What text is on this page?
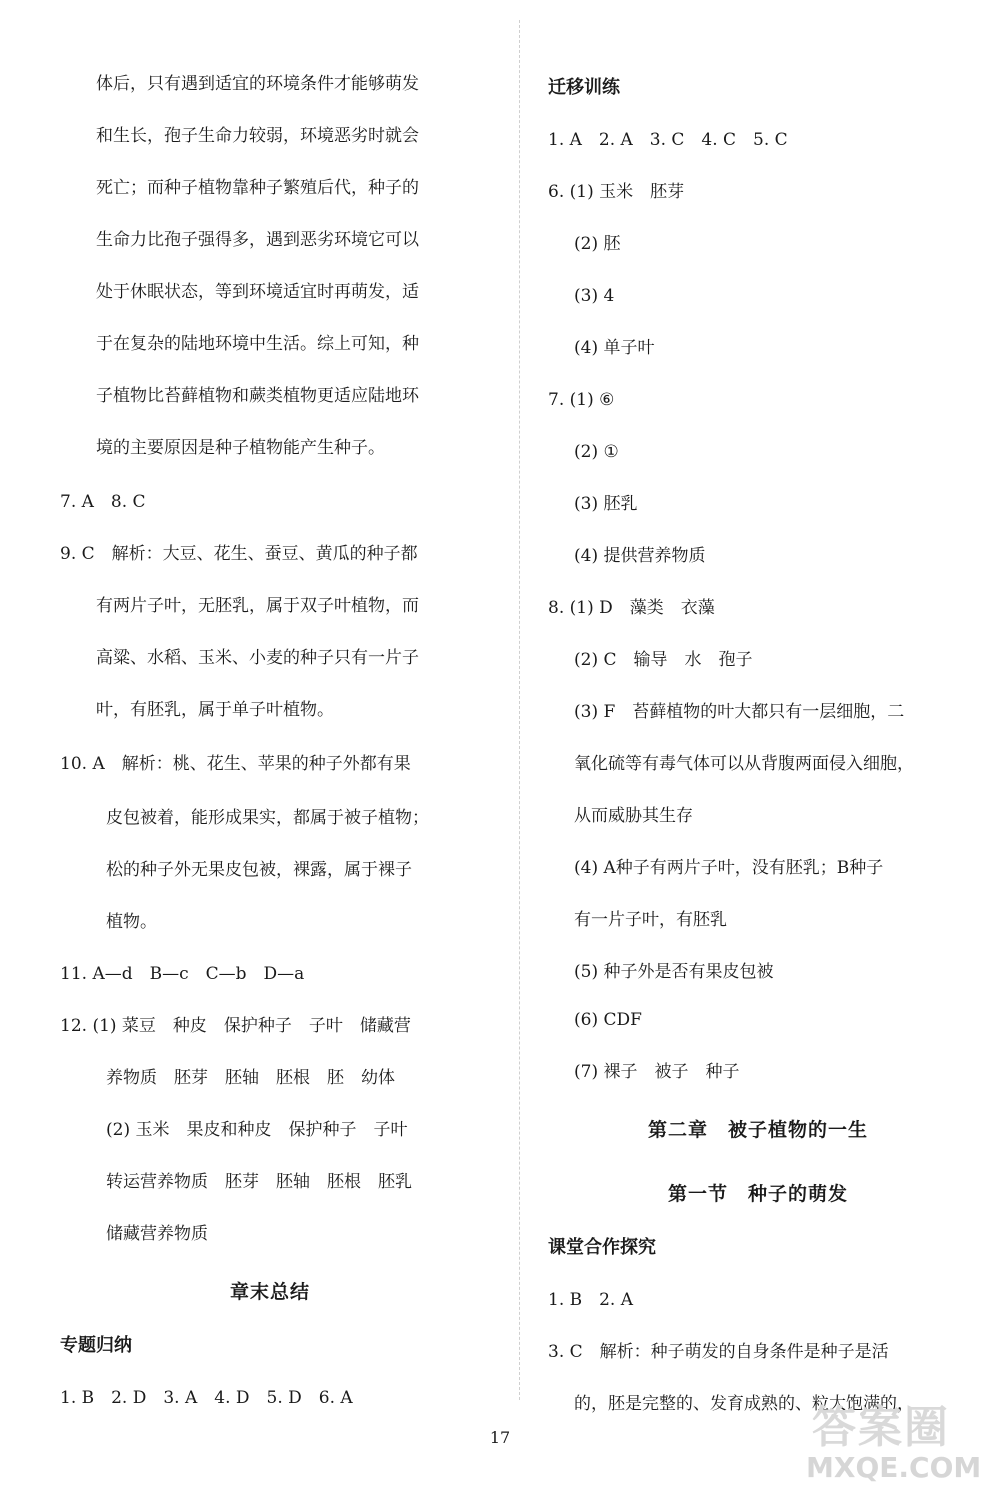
体后，只有遇到适宜的环境条件才能够萌发
和生长，孢子生命力较弱，环境恶劣时就会
死亡；而种子植物靠种子繁殖后代，种子的
生命力比孢子强得多，遇到恶劣环境它可以
处于休眠状态，等到环境适宜时再萌发，适
于在复杂的陆地环境中生活。综上可知，种
子植物比苔藓植物和蕨类植物更适应陆地环
境的主要原因是种子植物能产生种子。
7. A　8. C
9. C　解析：大豆、花生、蚕豆、黄瓜的种子都
有两片子叶，无胚乳，属于双子叶植物，而
高粱、水稻、玉米、小麦的种子只有一片子
叶，有胚乳，属于单子叶植物。
10. A　解析：桃、花生、苹果的种子外都有果
皮包被着，能形成果实，都属于被子植物；
松的种子外无果皮包被，裸露，属于裸子
植物。
11. A—d　B—c　C—b　D—a
12. (1) 菜豆　种皮　保护种子　子叶　储藏营
养物质　胚芽　胚轴　胚根　胚　幼体
(2) 玉米　果皮和种皮　保护种子　子叶
转运营养物质　胚芽　胚轴　胚根　胚乳
储藏营养物质
章末总结
专题归纳
1. B　2. D　3. A　4. D　5. D　6. A
迁移训练
1. A　2. A　3. C　4. C　5. C
6. (1) 玉米　胚芽
(2) 胚
(3) 4
(4) 单子叶
7. (1) ⑥
(2) ①
(3) 胚乳
(4) 提供营养物质
8. (1) D　藻类　衣藻
(2) C　输导　水　孢子
(3) F　苔藓植物的叶大都只有一层细胞，二
氧化硫等有毒气体可以从背腹两面侵入细胞，
从而威胁其生存
(4) A种子有两片子叶，没有胚乳；B种子
有一片子叶，有胚乳
(5) 种子外是否有果皮包被
(6) CDF
(7) 裸子　被子　种子
第二章　被子植物的一生
第一节　种子的萌发
课堂合作探究
1. B　2. A
3. C　解析：种子萌发的自身条件是种子是活
的，胚是完整的、发育成熟的、粒大饱满的，
17	答案圈
MXQE.COM
